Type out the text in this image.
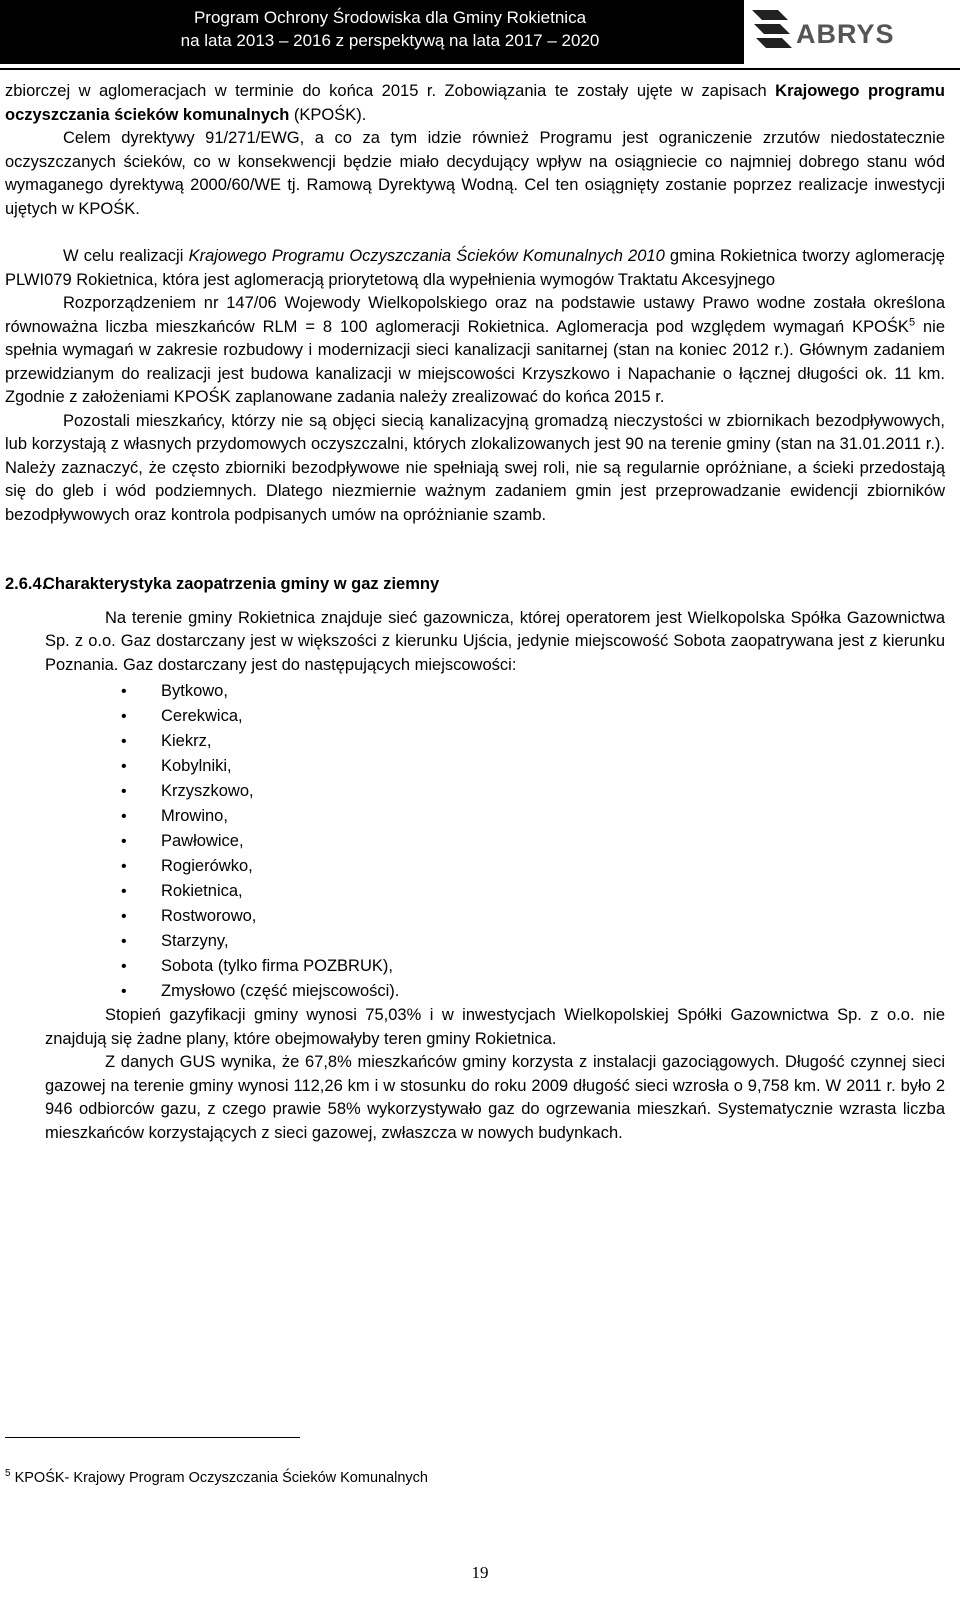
Program Ochrony Środowiska dla Gminy Rokietnica
na lata 2013 – 2016 z perspektywą na lata 2017 – 2020	ABRYS

zbiorczej w aglomeracjach w terminie do końca 2015 r. Zobowiązania te zostały ujęte w zapisach Krajowego programu oczyszczania ścieków komunalnych (KPOŚK).

Celem dyrektywy 91/271/EWG, a co za tym idzie również Programu jest ograniczenie zrzutów niedostatecznie oczyszczanych ścieków, co w konsekwencji będzie miało decydujący wpływ na osiągniecie co najmniej dobrego stanu wód wymaganego dyrektywą 2000/60/WE tj. Ramową Dyrektywą Wodną. Cel ten osiągnięty zostanie poprzez realizacje inwestycji ujętych w KPOŚK.

W celu realizacji Krajowego Programu Oczyszczania Ścieków Komunalnych 2010 gmina Rokietnica tworzy aglomerację PLWI079 Rokietnica, która jest aglomeracją priorytetową dla wypełnienia wymogów Traktatu Akcesyjnego

Rozporządzeniem nr 147/06 Wojewody Wielkopolskiego oraz na podstawie ustawy Prawo wodne została określona równoważna liczba mieszkańców RLM = 8 100 aglomeracji Rokietnica. Aglomeracja pod względem wymagań KPOŚK$^5$ nie spełnia wymagań w zakresie rozbudowy i modernizacji sieci kanalizacji sanitarnej (stan na koniec 2012 r.). Głównym zadaniem przewidzianym do realizacji jest budowa kanalizacji w miejscowości Krzyszkowo i Napachanie o łącznej długości ok. 11 km. Zgodnie z założeniami KPOŚK zaplanowane zadania należy zrealizować do końca 2015 r.

Pozostali mieszkańcy, którzy nie są objęci siecią kanalizacyjną gromadzą nieczystości w zbiornikach bezodpływowych, lub korzystają z własnych przydomowych oczyszczalni, których zlokalizowanych jest 90 na terenie gminy (stan na 31.01.2011 r.). Należy zaznaczyć, że często zbiorniki bezodpływowe nie spełniają swej roli, nie są regularnie opróżniane, a ścieki przedostają się do gleb i wód podziemnych. Dlatego niezmiernie ważnym zadaniem gmin jest przeprowadzanie ewidencji zbiorników bezodpływowych oraz kontrola podpisanych umów na opróżnianie szamb.

2.6.4.Charakterystyka zaopatrzenia gminy w gaz ziemny

Na terenie gminy Rokietnica znajduje sieć gazownicza, której operatorem jest Wielkopolska Spółka Gazownictwa Sp. z o.o. Gaz dostarczany jest w większości z kierunku Ujścia, jedynie miejscowość Sobota zaopatrywana jest z kierunku Poznania. Gaz dostarczany jest do następujących miejscowości:

• Bytkowo,
• Cerekwica,
• Kiekrz,
• Kobylniki,
• Krzyszkowo,
• Mrowino,
• Pawłowice,
• Rogierówko,
• Rokietnica,
• Rostworowo,
• Starzyny,
• Sobota (tylko firma POZBRUK),
• Zmysłowo (część miejscowości).

Stopień gazyfikacji gminy wynosi 75,03% i w inwestycjach Wielkopolskiej Spółki Gazownictwa Sp. z o.o. nie znajdują się żadne plany, które obejmowałyby teren gminy Rokietnica.

Z danych GUS wynika, że 67,8% mieszkańców gminy korzysta z instalacji gazociągowych. Długość czynnej sieci gazowej na terenie gminy wynosi 112,26 km i w stosunku do roku 2009 długość sieci wzrosła o 9,758 km. W 2011 r. było 2 946 odbiorców gazu, z czego prawie 58% wykorzystywało gaz do ogrzewania mieszkań. Systematycznie wzrasta liczba mieszkańców korzystających z sieci gazowej, zwłaszcza w nowych budynkach.

$^5$ KPOŚK- Krajowy Program Oczyszczania Ścieków Komunalnych
19
